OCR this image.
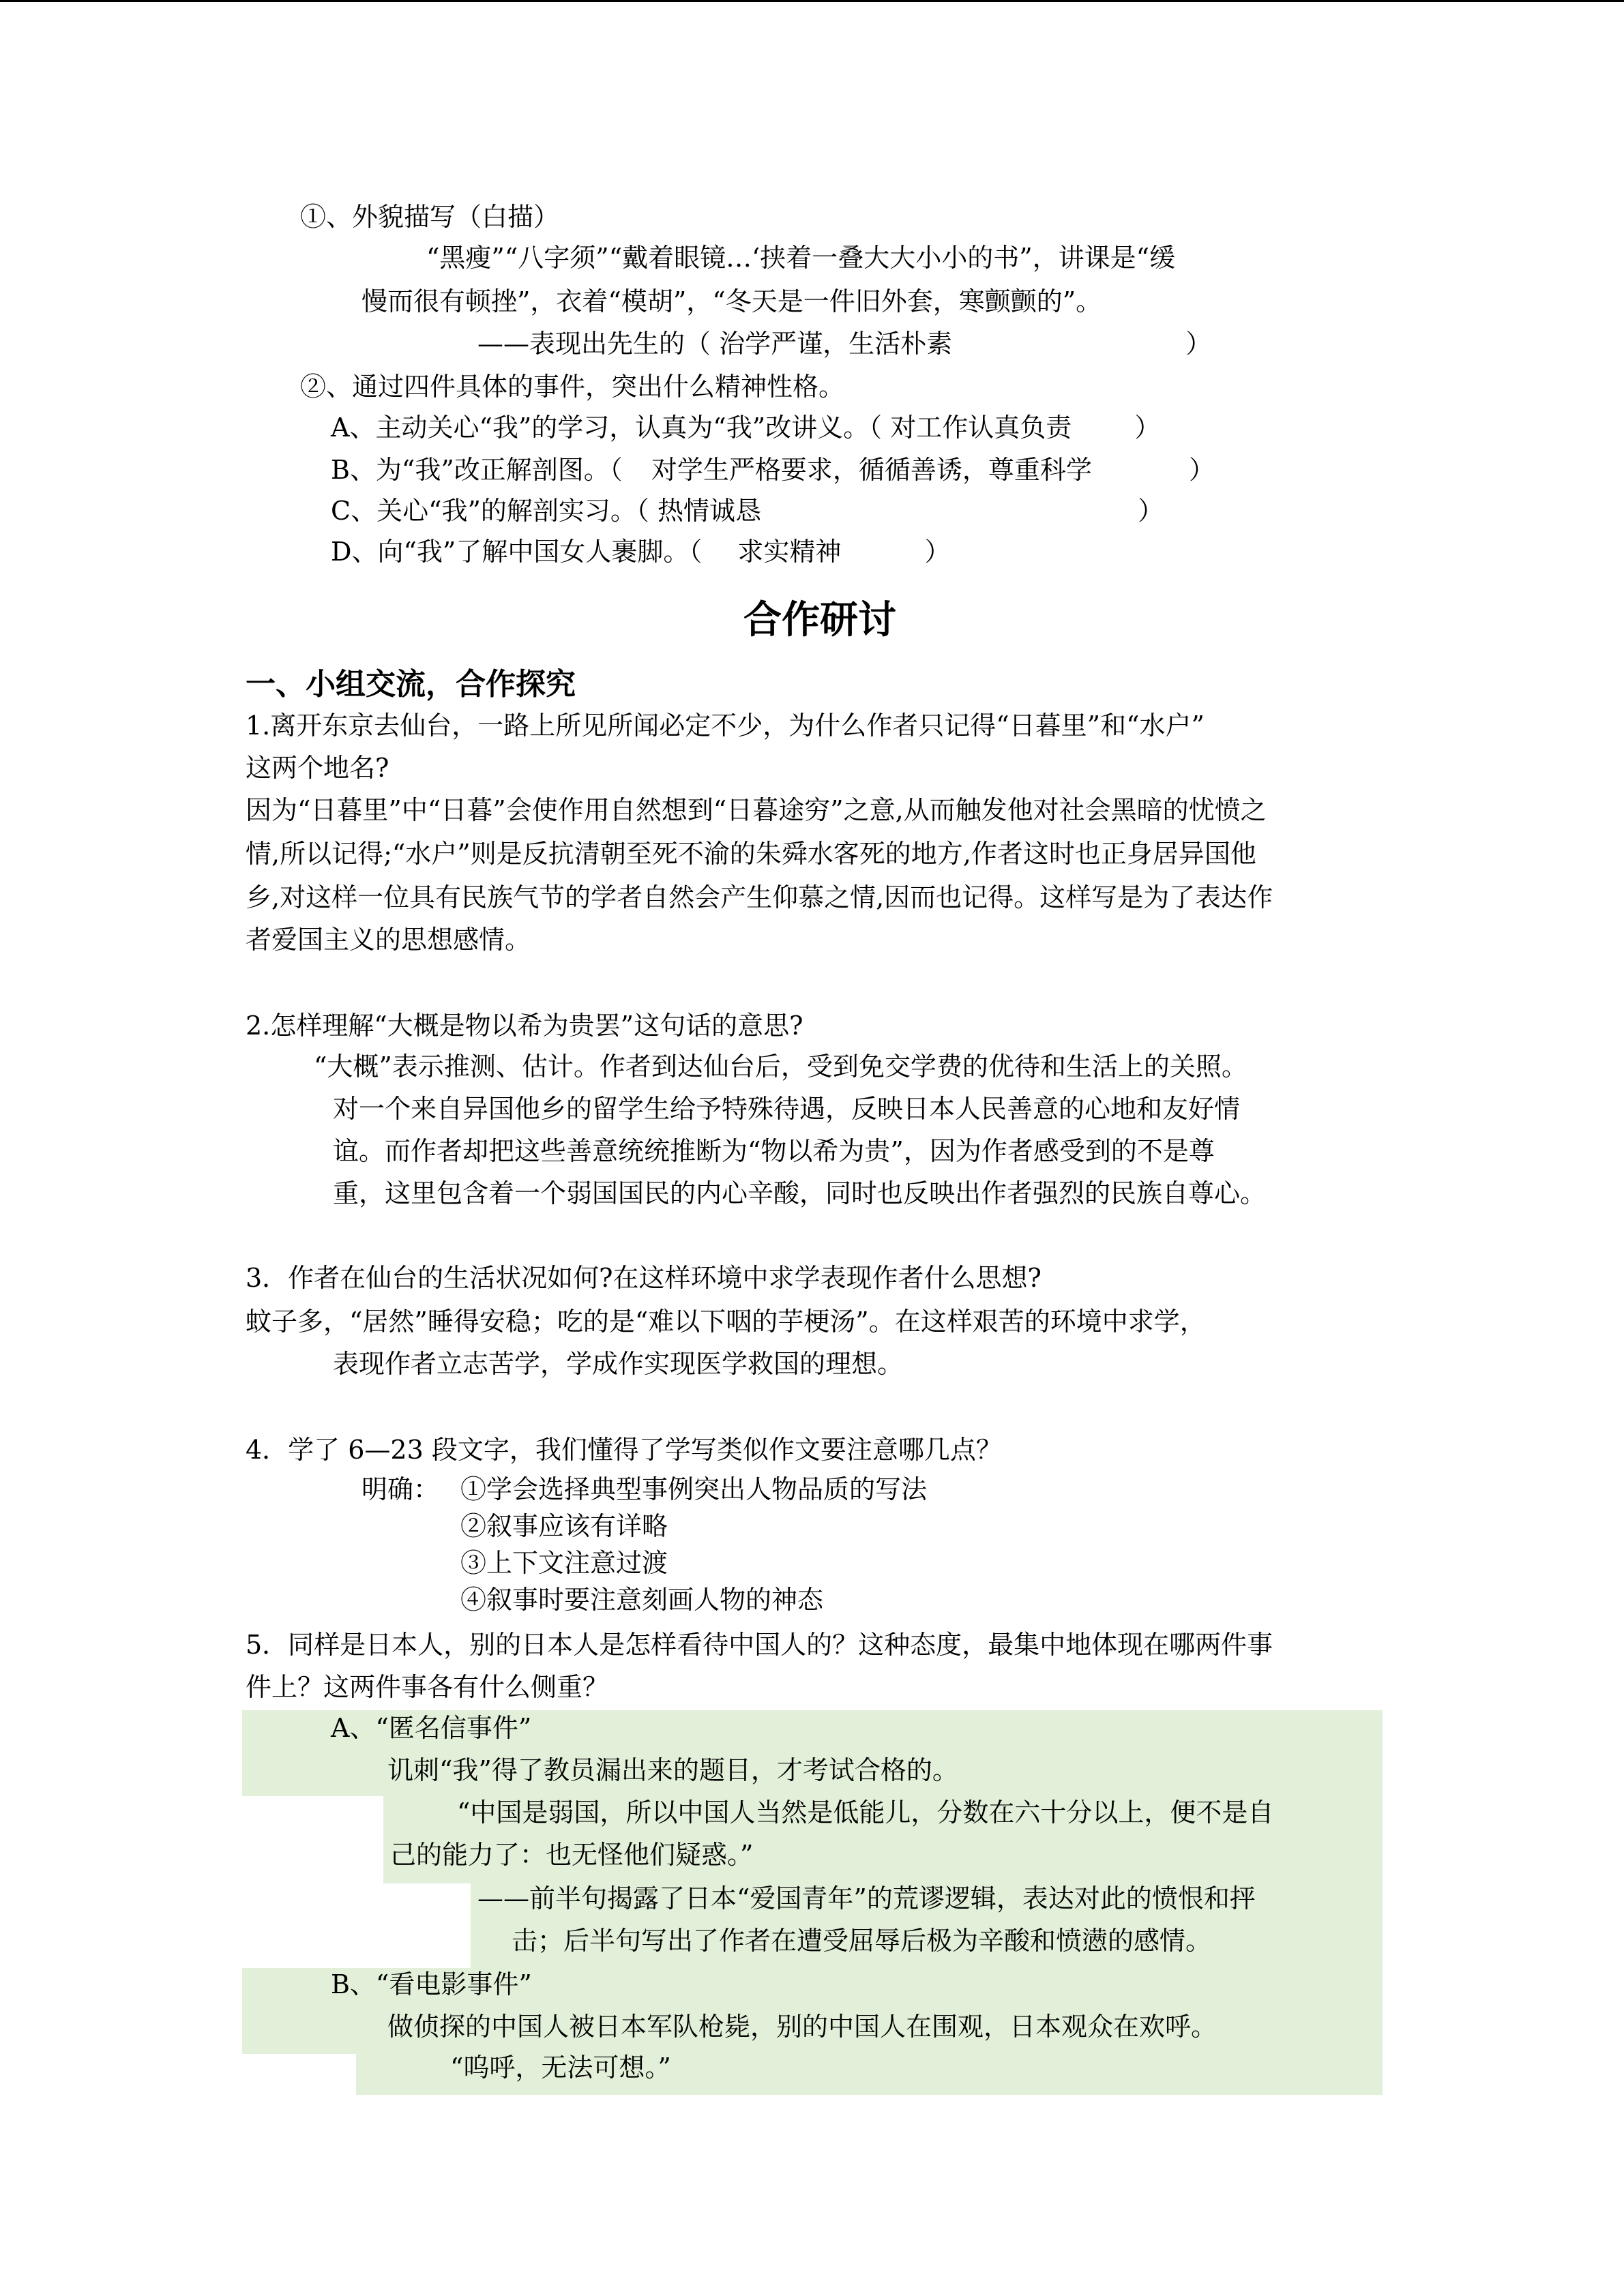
①、外貌描写（白描）
“黑瘦”“八字须”“戴着眼镜…‘挟着一叠大大小小的书”，讲课是“缓
慢而很有顿挫”，衣着“模胡”，“冬天是一件旧外套，寒颤颤的”。
——表现出先生的（ 治学严谨，生活朴素	）
②、通过四件具体的事件，突出什么精神性格。
A、主动关心“我”的学习，认真为“我”改讲义。（ 对工作认真负责 ）
B、为“我”改正解剖图。（ 对学生严格要求，循循善诱，尊重科学	）
C、关心“我”的解剖实习。（ 热情诚恳	）
D、向“我”了解中国女人裹脚。（ 求实精神	）
合作研讨
一、小组交流，合作探究
1.离开东京去仙台，一路上所见所闻必定不少，为什么作者只记得“日暮里”和“水户”
这两个地名?
因为“日暮里”中“日暮”会使作用自然想到“日暮途穷”之意,从而触发他对社会黑暗的忧愤之
情,所以记得;“水户”则是反抗清朝至死不渝的朱舜水客死的地方,作者这时也正身居异国他
乡,对这样一位具有民族气节的学者自然会产生仰慕之情,因而也记得。这样写是为了表达作
者爱国主义的思想感情。
2.怎样理解“大概是物以希为贵罢”这句话的意思?
“大概”表示推测、估计。作者到达仙台后，受到免交学费的优待和生活上的关照。
对一个来自异国他乡的留学生给予特殊待遇，反映日本人民善意的心地和友好情
谊。而作者却把这些善意统统推断为“物以希为贵”，因为作者感受到的不是尊
重，这里包含着一个弱国国民的内心辛酸，同时也反映出作者强烈的民族自尊心。
3．作者在仙台的生活状况如何?在这样环境中求学表现作者什么思想?
蚊子多，“居然”睡得安稳；吃的是“难以下咽的芋梗汤”。在这样艰苦的环境中求学，
表现作者立志苦学，学成作实现医学救国的理想。
4．学了 6—23 段文字，我们懂得了学写类似作文要注意哪几点？
明确： ①学会选择典型事例突出人物品质的写法
②叙事应该有详略
③上下文注意过渡
④叙事时要注意刻画人物的神态
5．同样是日本人，别的日本人是怎样看待中国人的？这种态度，最集中地体现在哪两件事
件上？这两件事各有什么侧重？
A、“匿名信事件”
讥刺“我”得了教员漏出来的题目，才考试合格的。
“中国是弱国，所以中国人当然是低能儿，分数在六十分以上，便不是自
己的能力了：也无怪他们疑惑。”
——前半句揭露了日本“爱国青年”的荒谬逻辑，表达对此的愤恨和抨
击；后半句写出了作者在遭受屈辱后极为辛酸和愤懑的感情。
B、“看电影事件”
做侦探的中国人被日本军队枪毙，别的中国人在围观，日本观众在欢呼。
“呜呼，无法可想。”
